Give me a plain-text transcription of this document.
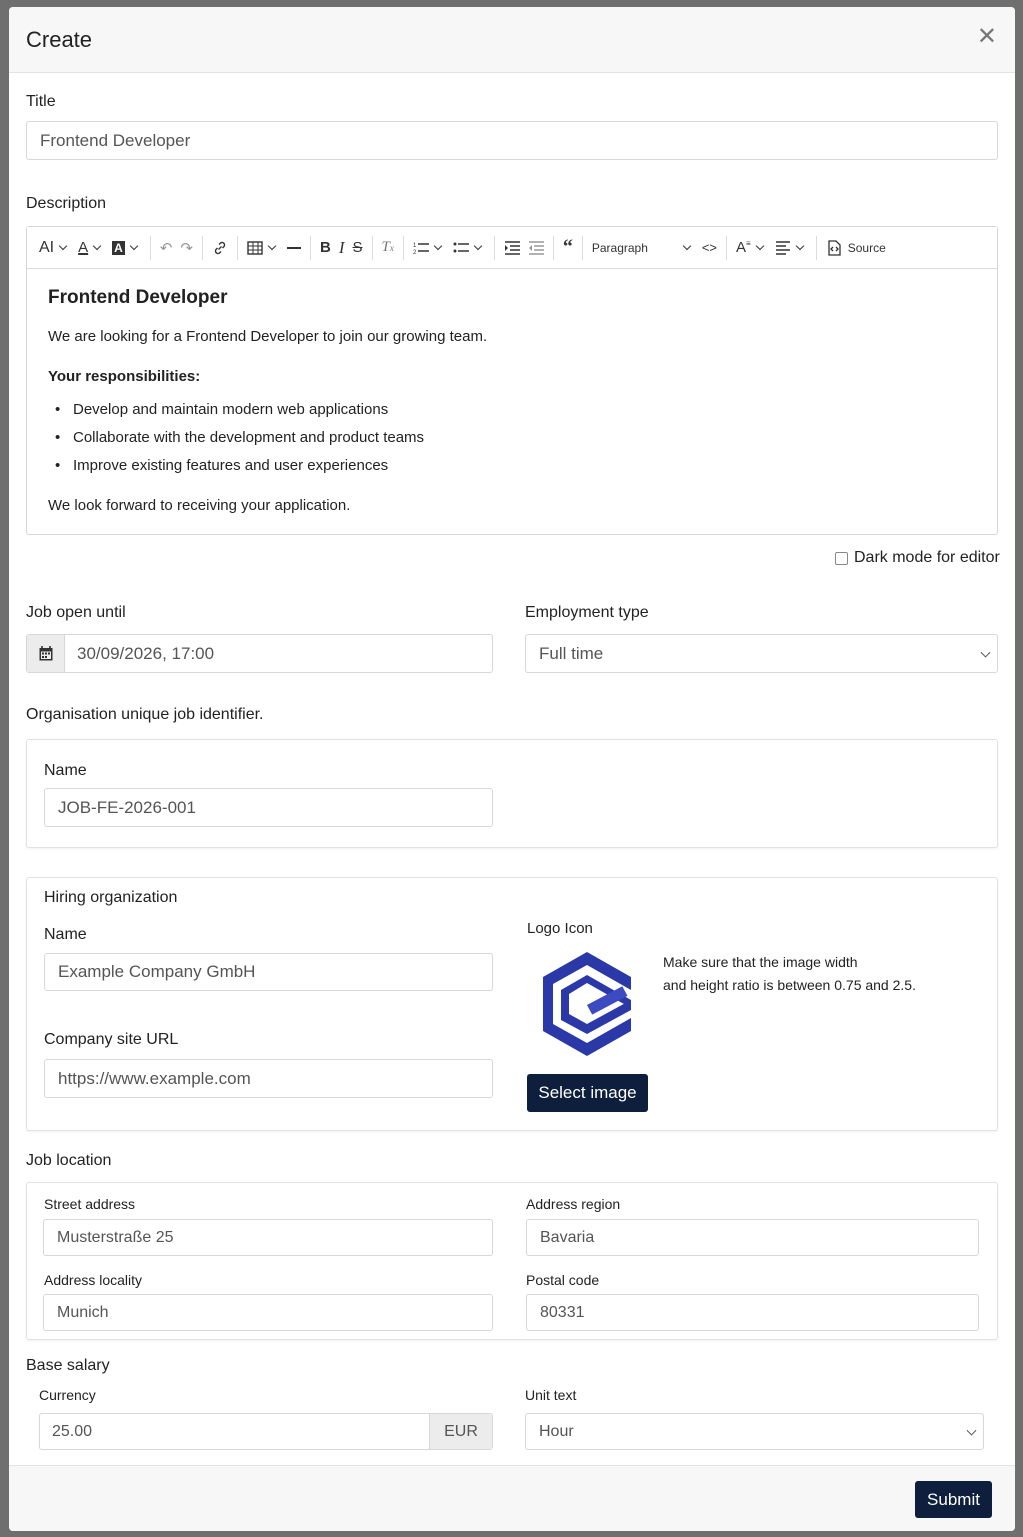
Create	✕
Title
Frontend Developer
Description
AI A A ↶ ↷	B I S T x	1
2	“	Paragraph	<> A≡	Source
Frontend Developer
We are looking for a Frontend Developer to join our growing team.
Your responsibilities:
• Develop and maintain modern web applications
• Collaborate with the development and product teams
• Improve existing features and user experiences
We look forward to receiving your application.
Dark mode for editor
Job open until
30/09/2026, 17:00
Employment type
Full time
Organisation unique job identifier.
Name
JOB-FE-2026-001
Hiring organization
Name
Example Company GmbH
Company site URL
https://www.example.com
Logo Icon
Make sure that the image width
and height ratio is between 0.75 and 2.5.
Select image
Job location
Street address
Musterstraße 25
Address region
Bavaria
Address locality
Munich
Postal code
80331
Base salary
Currency
25.00	EUR
Unit text
Hour
Submit
